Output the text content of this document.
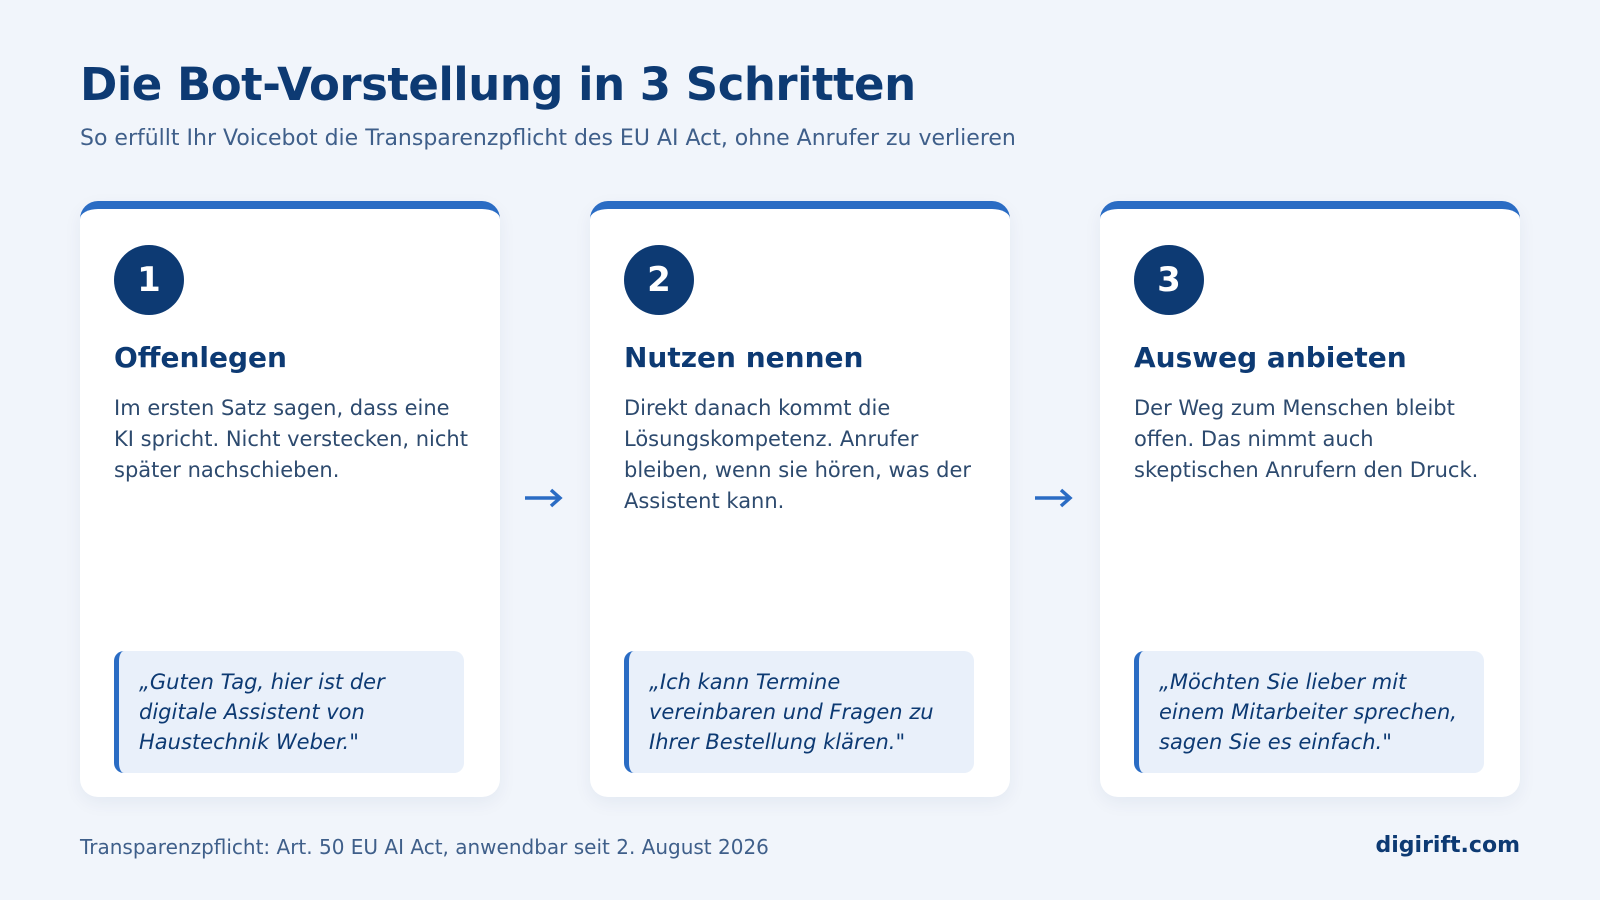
Die Bot-Vorstellung in 3 Schritten

So erfüllt Ihr Voicebot die Transparenzpflicht des EU AI Act, ohne Anrufer zu verlieren

1
Offenlegen

Im ersten Satz sagen, dass eine KI spricht. Nicht verstecken, nicht später nachschieben.

„Guten Tag, hier ist der digitale Assistent von Haustechnik Weber."
2
Nutzen nennen

Direkt danach kommt die Lösungskompetenz. Anrufer bleiben, wenn sie hören, was der Assistent kann.

„Ich kann Termine vereinbaren und Fragen zu Ihrer Bestellung klären."
3
Ausweg anbieten

Der Weg zum Menschen bleibt offen. Das nimmt auch skeptischen Anrufern den Druck.

„Möchten Sie lieber mit einem Mitarbeiter sprechen, sagen Sie es einfach."

Transparenzpflicht: Art. 50 EU AI Act, anwendbar seit 2. August 2026	digirift.com
